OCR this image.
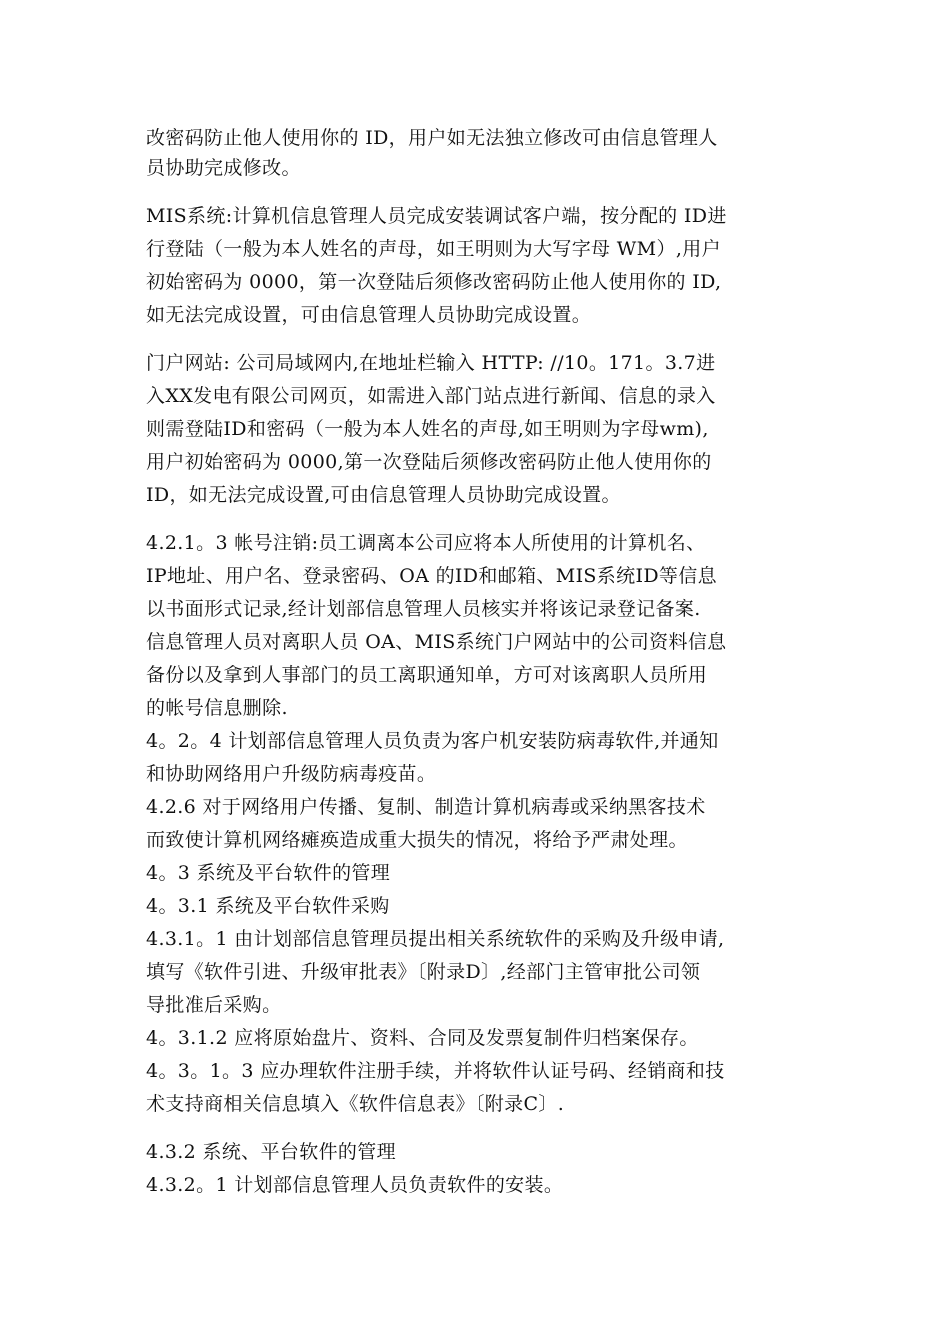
改密码防止他人使用你的 ID，用户如无法独立修改可由信息管理人
员协助完成修改。
MIS系统:计算机信息管理人员完成安装调试客户端，按分配的 ID进
行登陆（一般为本人姓名的声母，如王明则为大写字母 WM）,用户
初始密码为 0000，第一次登陆后须修改密码防止他人使用你的 ID,
如无法完成设置，可由信息管理人员协助完成设置。
门户网站: 公司局域网内,在地址栏输入 HTTP: //10。171。3.7进
入XX发电有限公司网页，如需进入部门站点进行新闻、信息的录入
则需登陆ID和密码（一般为本人姓名的声母,如王明则为字母wm),
用户初始密码为 0000,第一次登陆后须修改密码防止他人使用你的
ID，如无法完成设置,可由信息管理人员协助完成设置。
4.2.1。3 帐号注销:员工调离本公司应将本人所使用的计算机名、
IP地址、用户名、登录密码、OA 的ID和邮箱、MIS系统ID等信息
以书面形式记录,经计划部信息管理人员核实并将该记录登记备案.
信息管理人员对离职人员 OA、MIS系统门户网站中的公司资料信息
备份以及拿到人事部门的员工离职通知单，方可对该离职人员所用
的帐号信息删除.
4。2。4 计划部信息管理人员负责为客户机安装防病毒软件,并通知
和协助网络用户升级防病毒疫苗。
4.2.6 对于网络用户传播、复制、制造计算机病毒或采纳黑客技术
而致使计算机网络瘫痪造成重大损失的情况，将给予严肃处理。
4。3 系统及平台软件的管理
4。3.1 系统及平台软件采购
4.3.1。1 由计划部信息管理员提出相关系统软件的采购及升级申请,
填写《软件引进、升级审批表》〔附录D〕,经部门主管审批公司领
导批准后采购。
4。3.1.2 应将原始盘片、资料、合同及发票复制件归档案保存。
4。3。1。3 应办理软件注册手续，并将软件认证号码、经销商和技
术支持商相关信息填入《软件信息表》〔附录C〕.
4.3.2 系统、平台软件的管理
4.3.2。1 计划部信息管理人员负责软件的安装。
